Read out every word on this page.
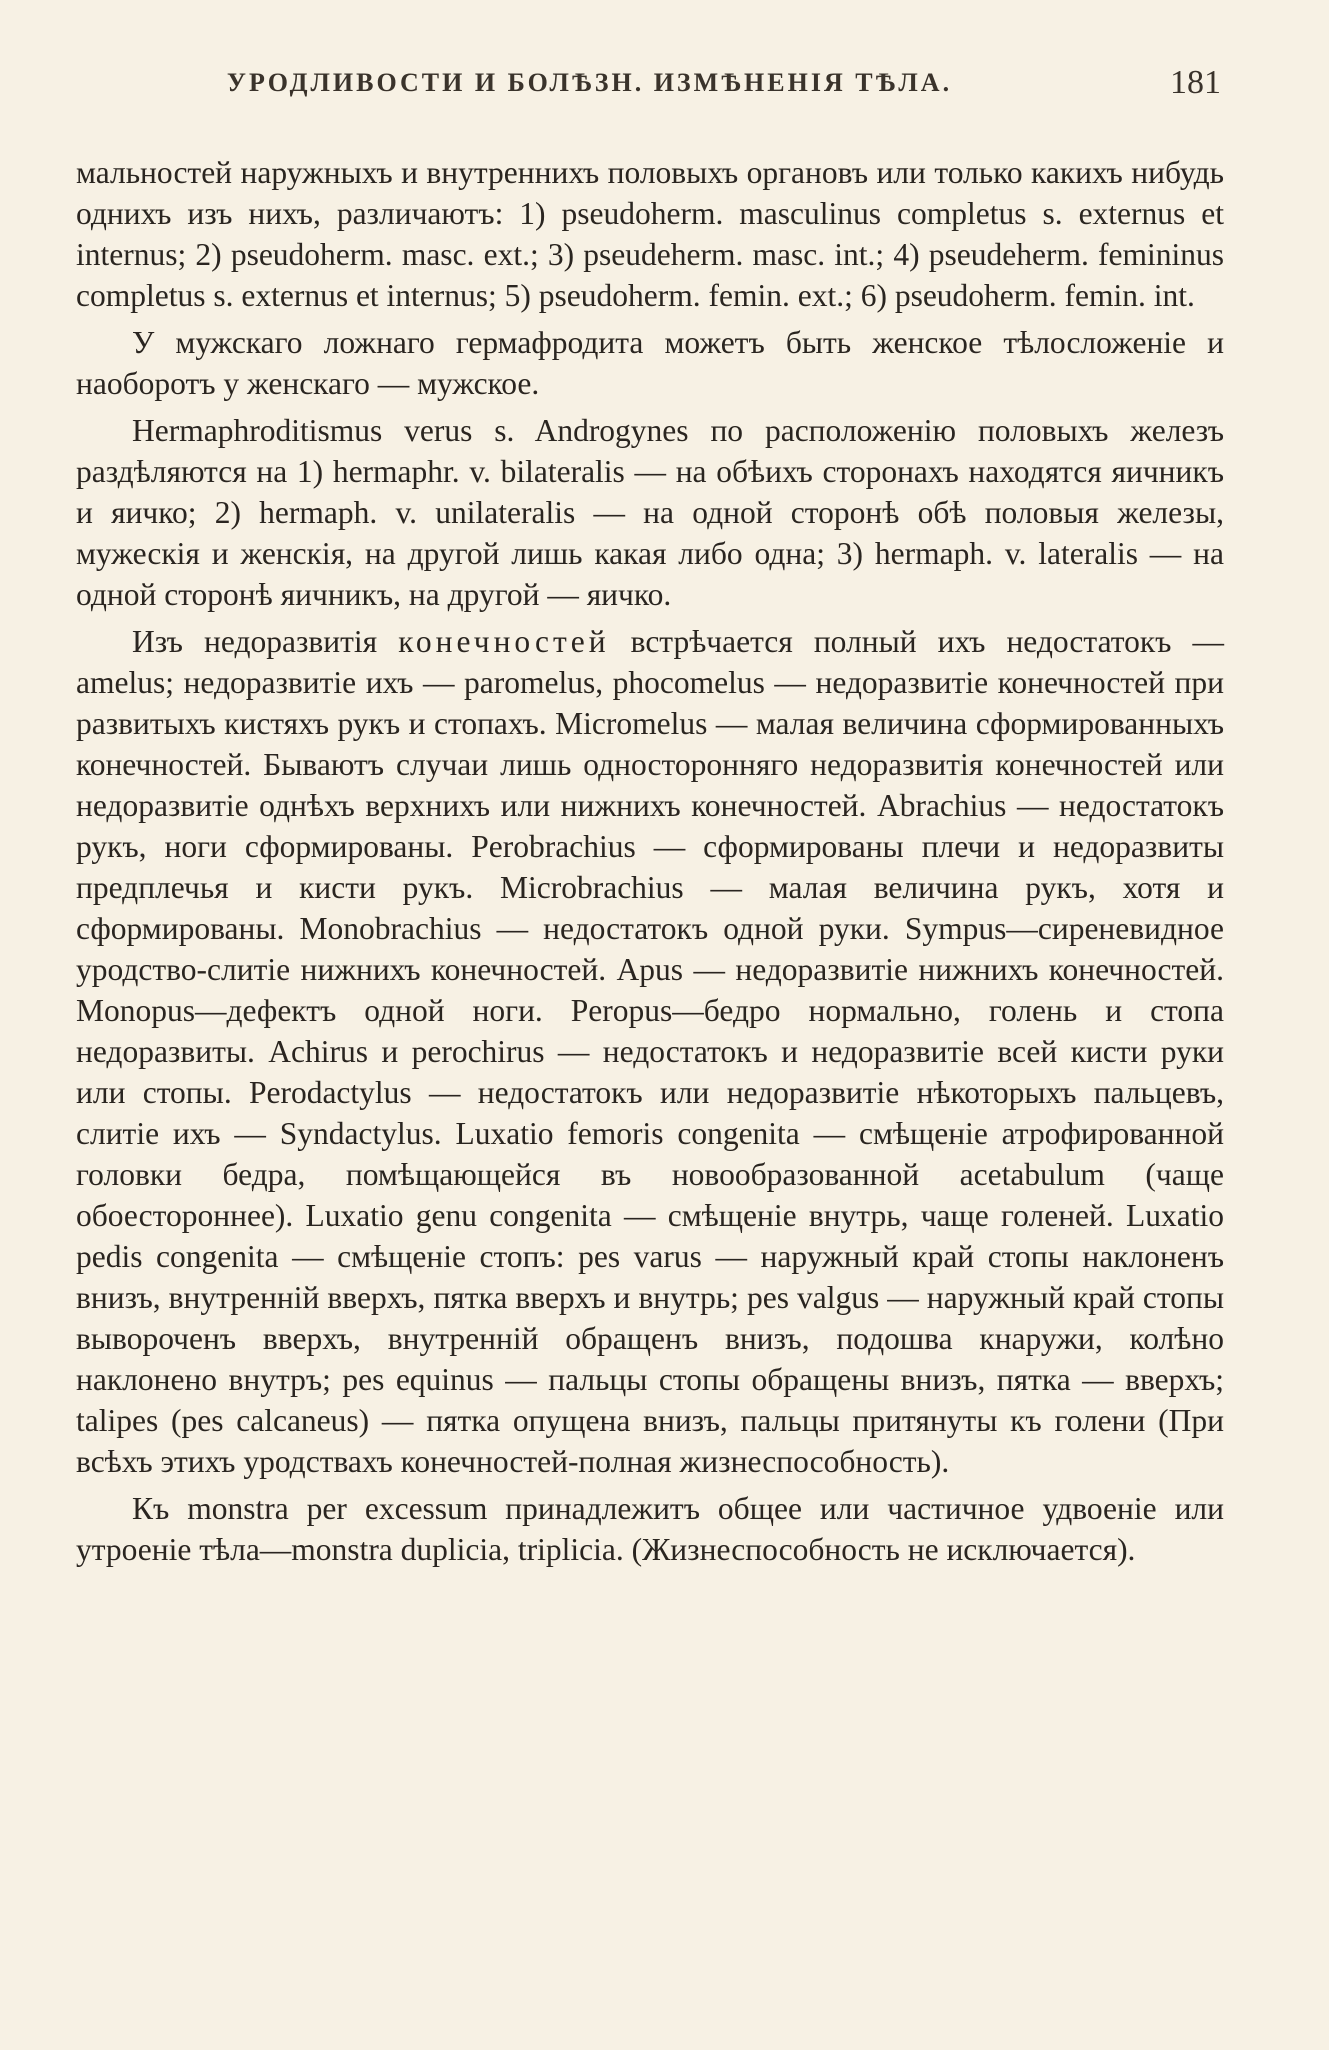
УРОДЛИВОСТИ И БОЛѢЗН. ИЗМѢНЕНІЯ ТѢЛА.	181

мальностей наружныхъ и внутреннихъ половыхъ органовъ или только какихъ нибудь однихъ изъ нихъ, различаютъ: 1) pseudoherm. masculinus completus s. externus et internus; 2) pseudoherm. masc. ext.; 3) pseudeherm. masc. int.; 4) pseudeherm. femininus completus s. externus et internus; 5) pseudoherm. femin. ext.; 6) pseudoherm. femin. int.

У мужскаго ложнаго гермафродита можетъ быть женское тѣлосложеніе и наоборотъ у женскаго — мужское.

Hermaphroditismus verus s. Androgynes по расположенію половыхъ железъ раздѣляются на 1) hermaphr. v. bilateralis — на обѣихъ сторонахъ находятся яичникъ и яичко; 2) hermaph. v. unilateralis — на одной сторонѣ обѣ половыя железы, мужескія и женскія, на другой лишь какая либо одна; 3) hermaph. v. lateralis — на одной сторонѣ яичникъ, на другой — яичко.

Изъ недоразвитія конечностей встрѣчается полный ихъ недостатокъ — amelus; недоразвитіе ихъ — paromelus, phocomelus — недоразвитіе конечностей при развитыхъ кистяхъ рукъ и стопахъ. Micromelus — малая величина сформированныхъ конечностей. Бываютъ случаи лишь односторонняго недоразвитія конечностей или недоразвитіе однѣхъ верхнихъ или нижнихъ конечностей. Abrachius — недостатокъ рукъ, ноги сформированы. Perobrachius — сформированы плечи и недоразвиты предплечья и кисти рукъ. Microbrachius — малая величина рукъ, хотя и сформированы. Monobrachius — недостатокъ одной руки. Sympus—сиреневидное уродство-слитіе нижнихъ конечностей. Apus — недоразвитіе нижнихъ конечностей. Monopus—дефектъ одной ноги. Peropus—бедро нормально, голень и стопа недоразвиты. Achirus и perochirus — недостатокъ и недоразвитіе всей кисти руки или стопы. Perodactylus — недостатокъ или недоразвитіе нѣкоторыхъ пальцевъ, слитіе ихъ — Syndactylus. Luxatio femoris congenita — смѣщеніе атрофированной головки бедра, помѣщающейся въ новообразованной acetabulum (чаще обоестороннее). Luxatio genu congenita — смѣщеніе внутрь, чаще голеней. Luxatio pedis congenita — смѣщеніе стопъ: pes varus — наружный край стопы наклоненъ внизъ, внутренній вверхъ, пятка вверхъ и внутрь; pes valgus — наружный край стопы вывороченъ вверхъ, внутренній обращенъ внизъ, подошва кнаружи, колѣно наклонено внутръ; pes equinus — пальцы стопы обращены внизъ, пятка — вверхъ; talipes (pes calcaneus) — пятка опущена внизъ, пальцы притянуты къ голени (При всѣхъ этихъ уродствахъ конечностей-полная жизнеспособность).

Къ monstra per excessum принадлежитъ общее или частичное удвоеніе или утроеніе тѣла—monstra duplicia, triplicia. (Жизнеспособность не исключается).
